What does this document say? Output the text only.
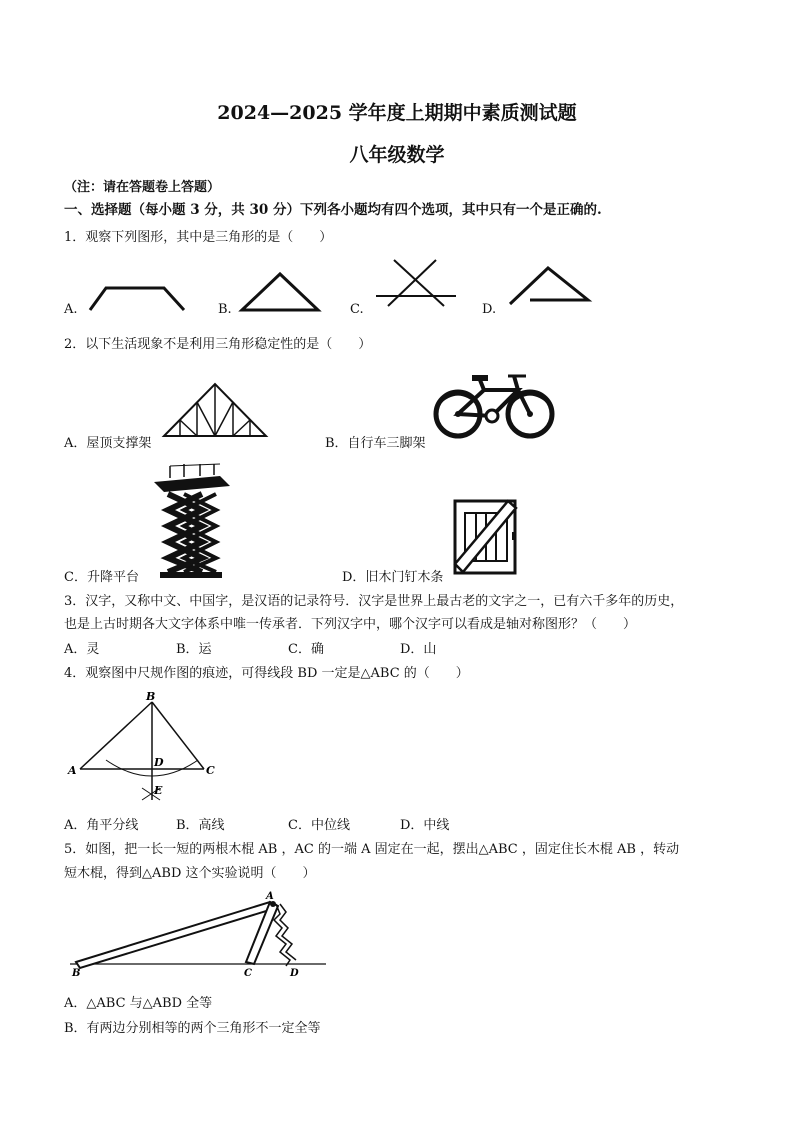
2024—2025 学年度上期期中素质测试题
八年级数学
（注：请在答题卷上答题）
一、选择题（每小题 3 分，共 30 分）下列各小题均有四个选项，其中只有一个是正确的.
1．观察下列图形，其中是三角形的是（　　）
A.	B.	C.	D.
2．以下生活现象不是利用三角形稳定性的是（　　）
A．屋顶支撑架	B．自行车三脚架
C．升降平台	D．旧木门钉木条
3．汉字，又称中文、中国字，是汉语的记录符号．汉字是世界上最古老的文字之一，已有六千多年的历史，
也是上古时期各大文字体系中唯一传承者．下列汉字中，哪个汉字可以看成是轴对称图形？（　　）
A．灵	B．运	C．确	D．山
4．观察图中尺规作图的痕迹，可得线段 BD 一定是△ABC 的（　　）
B
A
D
C
E
A．角平分线	B．高线	C．中位线	D．中线
5．如图，把一长一短的两根木棍 AB ，AC 的一端 A 固定在一起，摆出△ABC ，固定住长木棍 AB ，转动
短木棍，得到△ABD 这个实验说明（　　）
A
B	C	D
A．△ABC 与△ABD 全等
B．有两边分别相等的两个三角形不一定全等
